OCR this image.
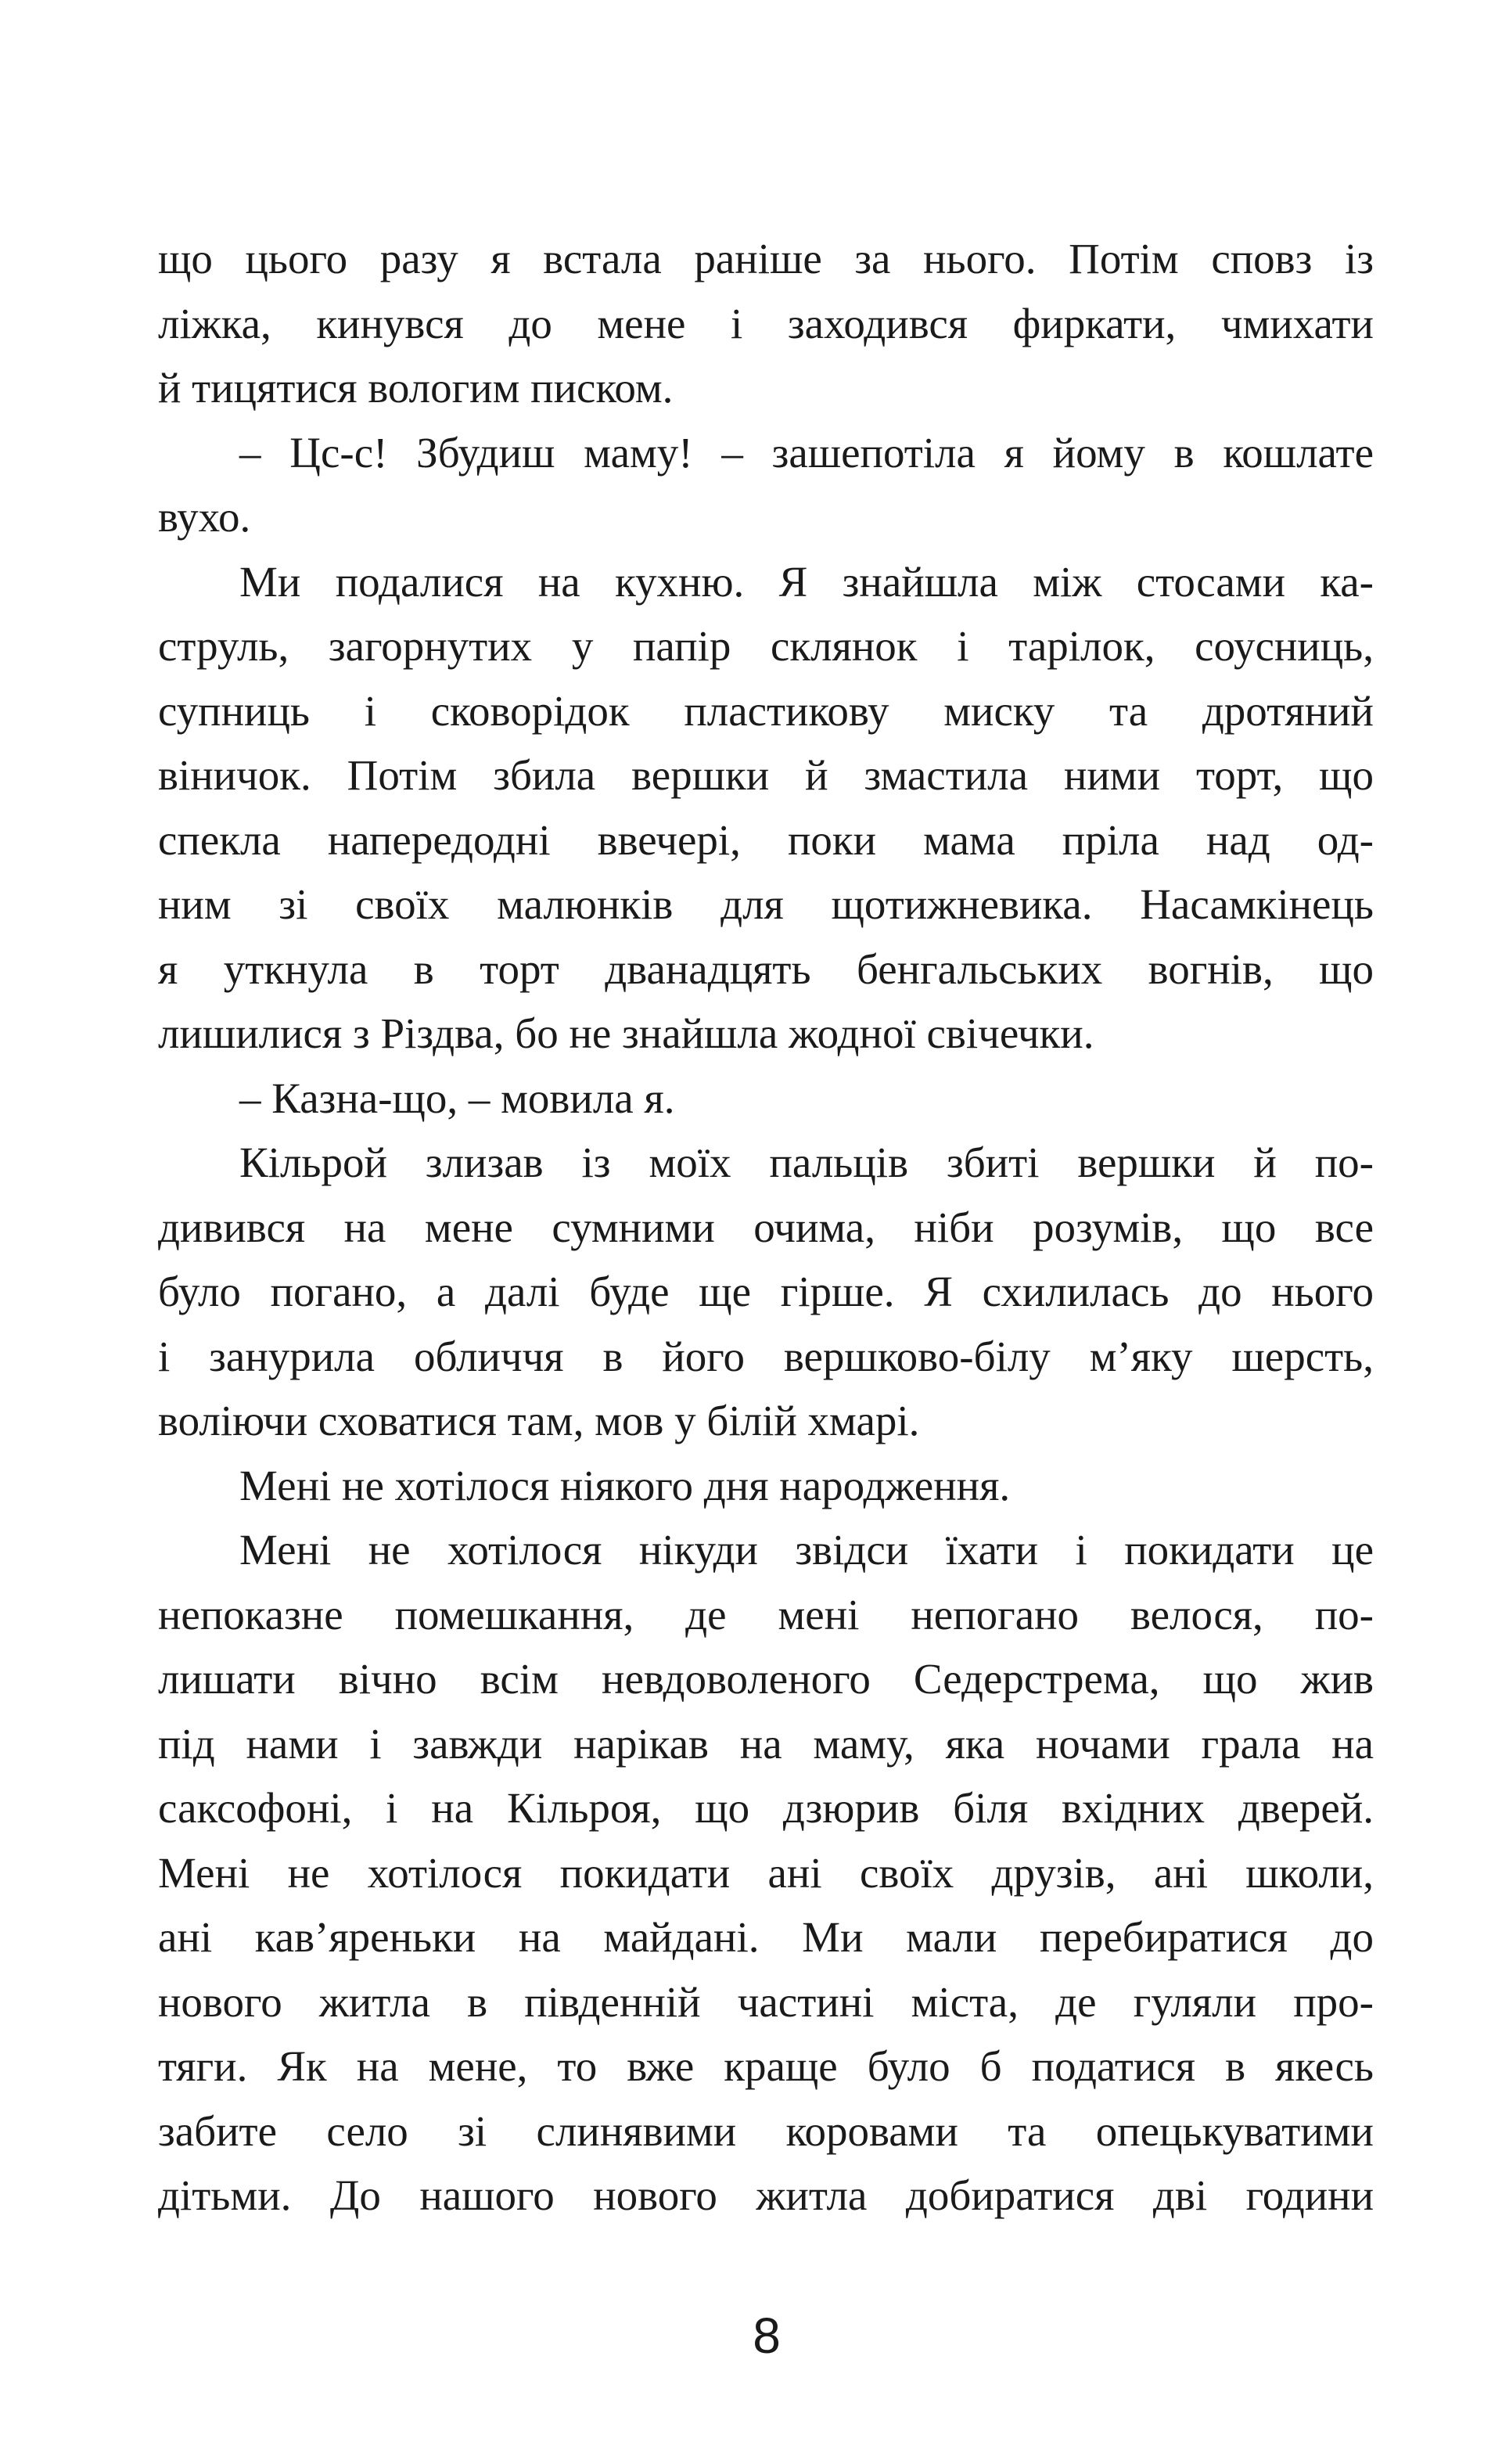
що цього разу я встала раніше за нього. Потім сповз із
ліжка, кинувся до мене і заходився фиркати, чмихати
й тицятися вологим писком.
– Цс-с! Збудиш маму! – зашепотіла я йому в кошлате
вухо.
Ми подалися на кухню. Я знайшла між стосами ка-
струль, загорнутих у папір склянок і тарілок, соусниць,
супниць і сковорідок пластикову миску та дротяний
віничок. Потім збила вершки й змастила ними торт, що
спекла напередодні ввечері, поки мама пріла над од-
ним зі своїх малюнків для щотижневика. Насамкінець
я уткнула в торт дванадцять бенгальських вогнів, що
лишилися з Різдва, бо не знайшла жодної свічечки.
– Казна-що, – мовила я.
Кільрой злизав із моїх пальців збиті вершки й по-
дивився на мене сумними очима, ніби розумів, що все
було погано, а далі буде ще гірше. Я схилилась до нього
і занурила обличчя в його вершково-білу м’яку шерсть,
воліючи сховатися там, мов у білій хмарі.
Мені не хотілося ніякого дня народження.
Мені не хотілося нікуди звідси їхати і покидати це
непоказне помешкання, де мені непогано велося, по-
лишати вічно всім невдоволеного Седерстрема, що жив
під нами і завжди нарікав на маму, яка ночами грала на
саксофоні, і на Кільроя, що дзюрив біля вхідних дверей.
Мені не хотілося покидати ані своїх друзів, ані школи,
ані кав’яреньки на майдані. Ми мали перебиратися до
нового житла в південній частині міста, де гуляли про-
тяги. Як на мене, то вже краще було б податися в якесь
забите село зі слинявими коровами та опецькуватими
дітьми. До нашого нового житла добиратися дві години
8
